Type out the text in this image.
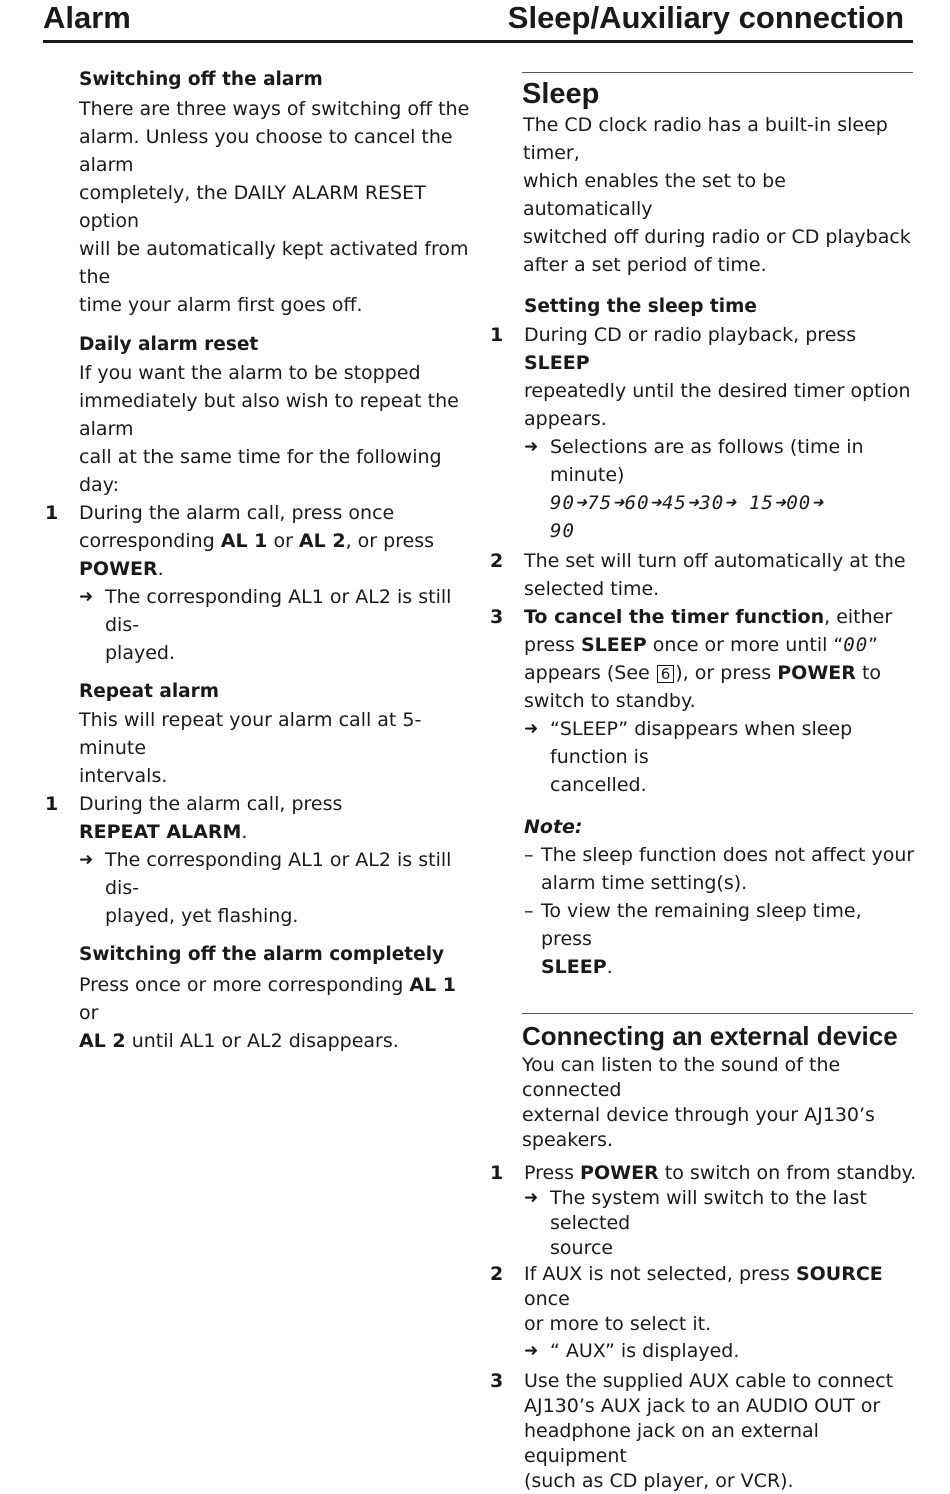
Alarm	Sleep/Auxiliary connection
Switching off the alarm
There are three ways of switching off the
alarm. Unless you choose to cancel the alarm
completely, the DAILY ALARM RESET option
will be automatically kept activated from the
time your alarm first goes off.
Daily alarm reset
If you want the alarm to be stopped
immediately but also wish to repeat the alarm
call at the same time for the following day:
1	During the alarm call, press once
corresponding AL 1 or AL 2, or press
POWER.
➜ The corresponding AL1 or AL2 is still dis-
played.
Repeat alarm
This will repeat your alarm call at 5-minute
intervals.
1	During the alarm call, press
REPEAT ALARM.
➜ The corresponding AL1 or AL2 is still dis-
played, yet flashing.
Switching off the alarm completely
Press once or more corresponding AL 1 or
AL 2 until AL1 or AL2 disappears.
Sleep
The CD clock radio has a built-in sleep timer,
which enables the set to be automatically
switched off during radio or CD playback
after a set period of time.
Setting the sleep time
1	During CD or radio playback, press SLEEP
repeatedly until the desired timer option
appears.
➜ Selections are as follows (time in minute)
90➜75➜60➜45➜30➜ 15➜00➜
90
2	The set will turn off automatically at the
selected time.
3	To cancel the timer function, either
press SLEEP once or more until “00”
appears (See 6 ), or press POWER to
switch to standby.
➜ “SLEEP” disappears when sleep function is
cancelled.
Note:
– The sleep function does not affect your
alarm time setting(s).
– To view the remaining sleep time, press
SLEEP.
Connecting an external device
You can listen to the sound of the connected
external device through your AJ130’s
speakers.
1	Press POWER to switch on from standby.
➜ The system will switch to the last selected
source
2	If AUX is not selected, press SOURCE once
or more to select it.
➜ “ AUX” is displayed.
3	Use the supplied AUX cable to connect
AJ130’s AUX jack to an AUDIO OUT or
headphone jack on an external equipment
(such as CD player, or VCR).
